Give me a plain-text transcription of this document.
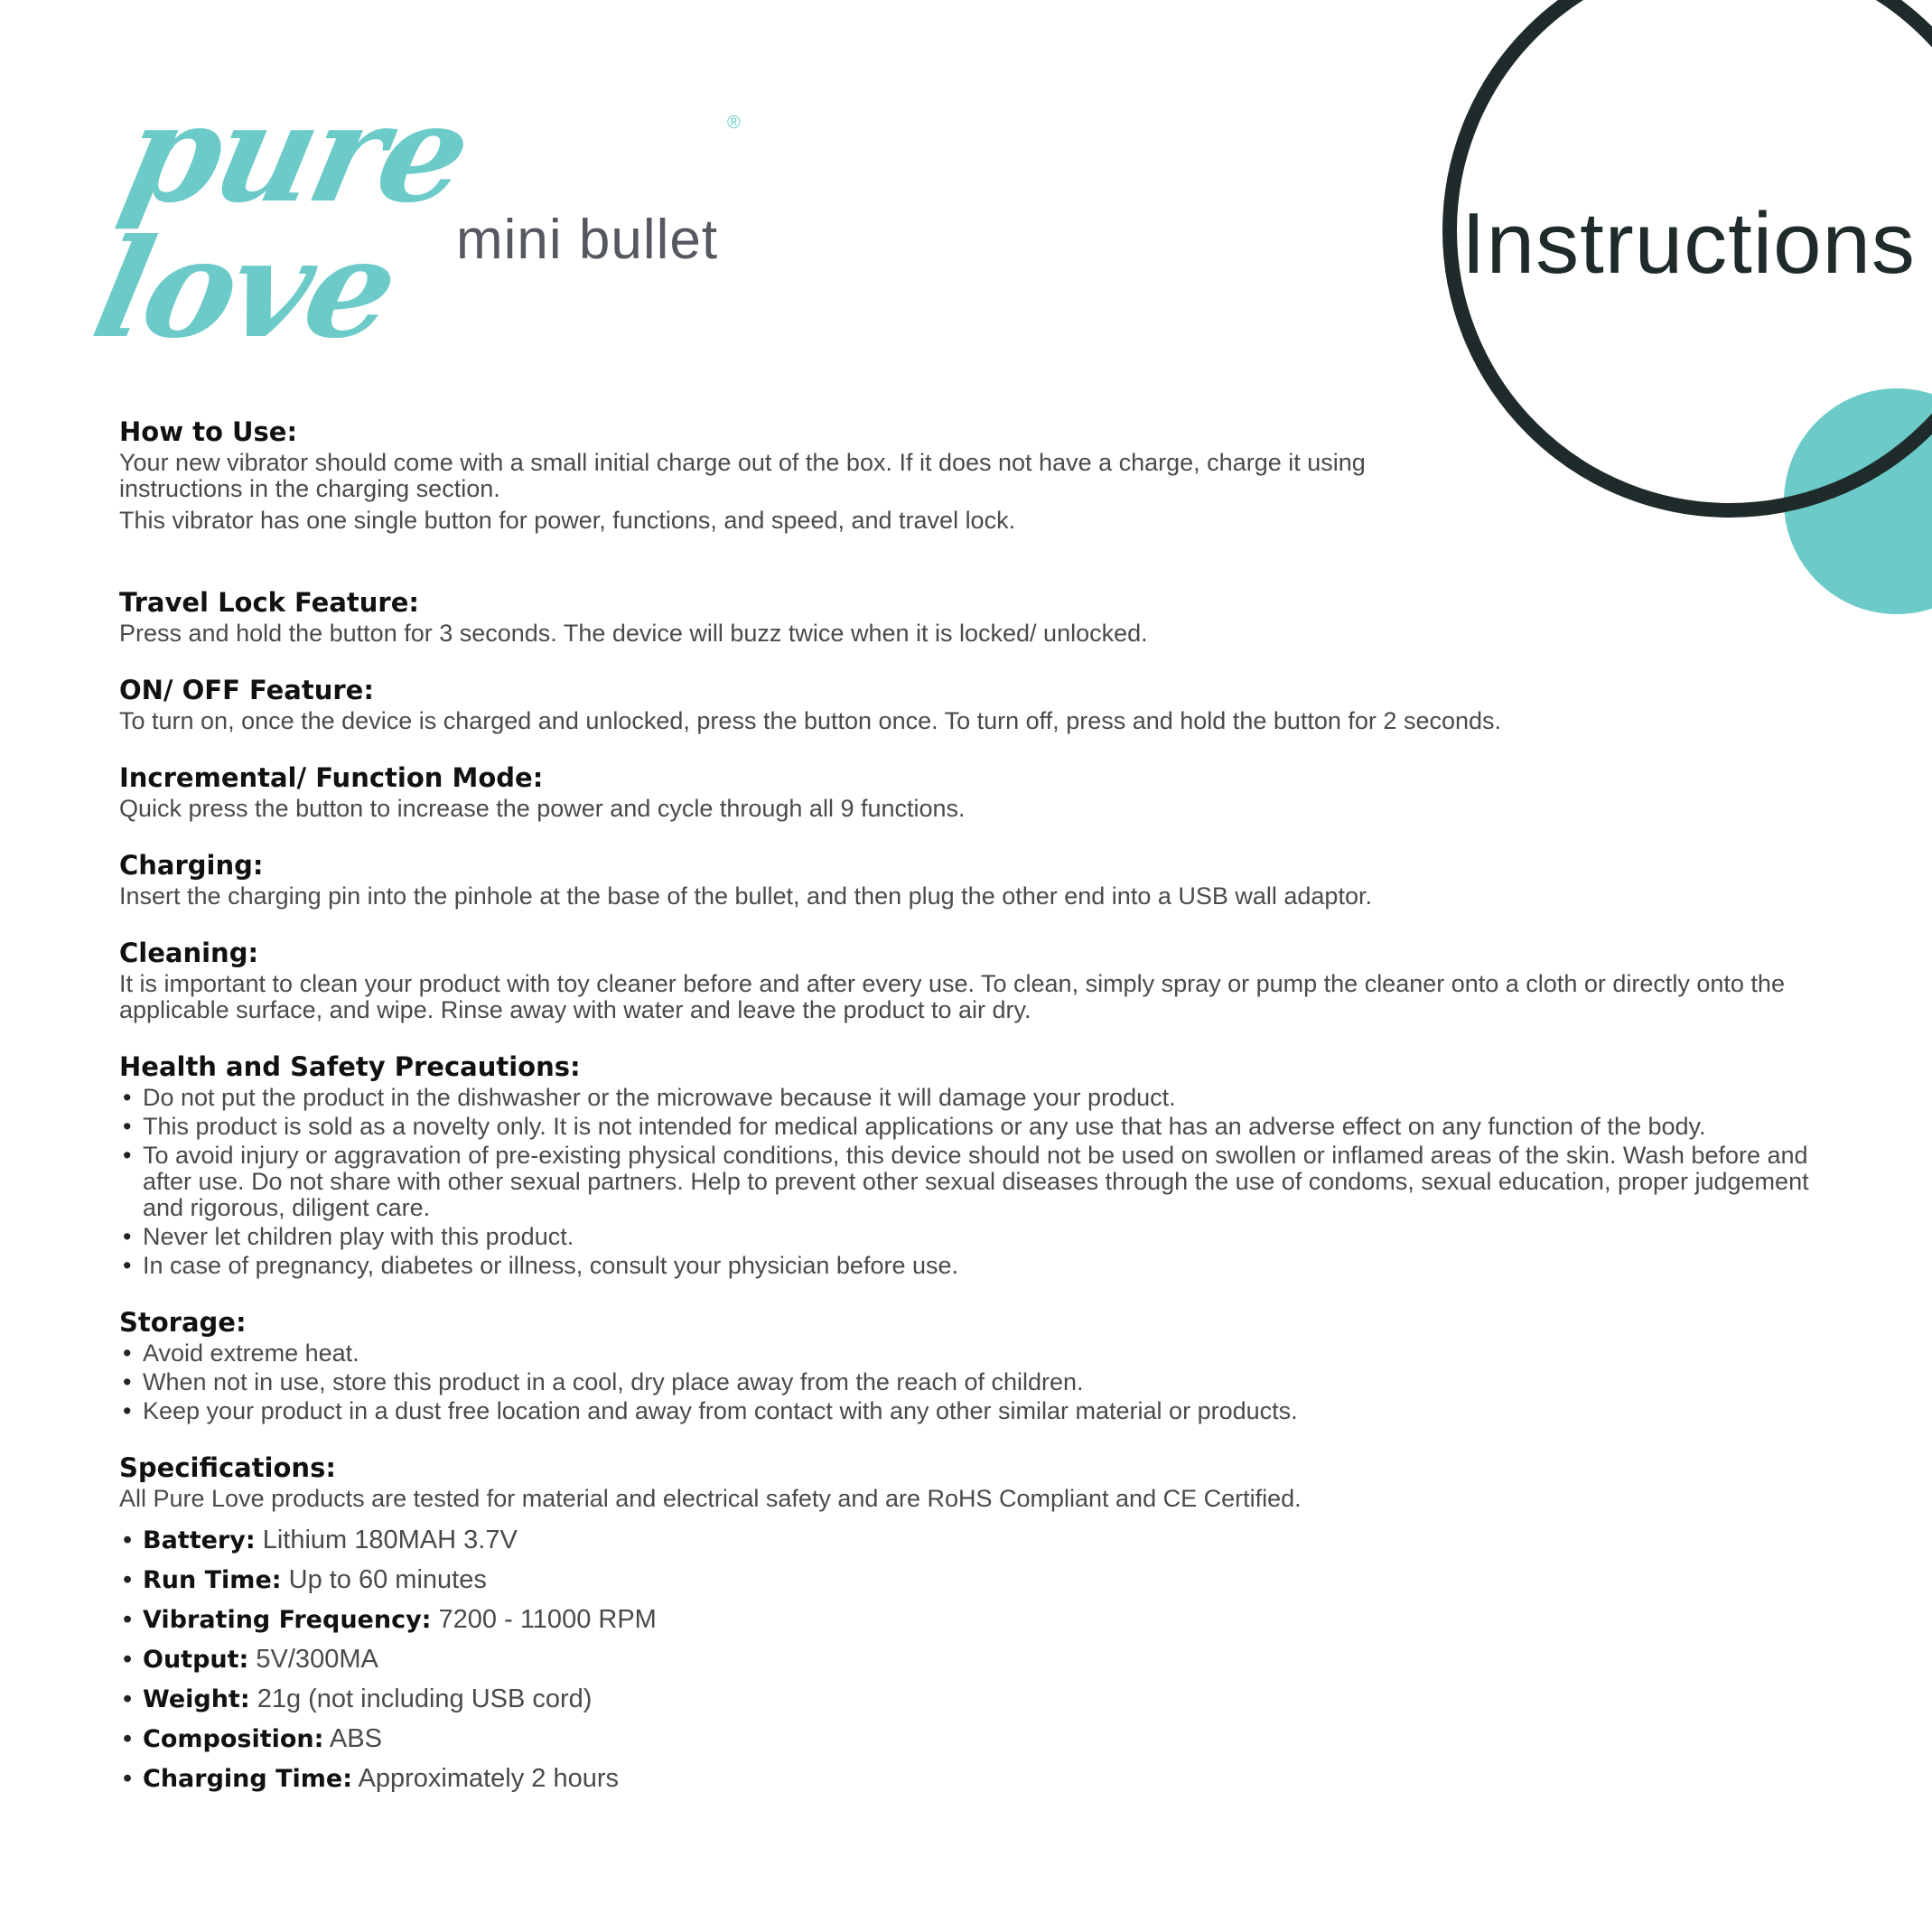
pure love
®
mini bullet	Instructions
How to Use:

Your new vibrator should come with a small initial charge out of the box. If it does not have a charge, charge it using instructions in the charging section.

This vibrator has one single button for power, functions, and speed, and travel lock.

Travel Lock Feature:

Press and hold the button for 3 seconds. The device will buzz twice when it is locked/ unlocked.

ON/ OFF Feature:

To turn on, once the device is charged and unlocked, press the button once. To turn off, press and hold the button for 2 seconds.

Incremental/ Function Mode:

Quick press the button to increase the power and cycle through all 9 functions.

Charging:

Insert the charging pin into the pinhole at the base of the bullet, and then plug the other end into a USB wall adaptor.

Cleaning:

It is important to clean your product with toy cleaner before and after every use. To clean, simply spray or pump the cleaner onto a cloth or directly onto the applicable surface, and wipe. Rinse away with water and leave the product to air dry.

Health and Safety Precautions:
• Do not put the product in the dishwasher or the microwave because it will damage your product.
• This product is sold as a novelty only. It is not intended for medical applications or any use that has an adverse effect on any function of the body.
• To avoid injury or aggravation of pre-existing physical conditions, this device should not be used on swollen or inflamed areas of the skin. Wash before and after use. Do not share with other sexual partners. Help to prevent other sexual diseases through the use of condoms, sexual education, proper judgement and rigorous, diligent care.
• Never let children play with this product.
• In case of pregnancy, diabetes or illness, consult your physician before use.
Storage:
• Avoid extreme heat.
• When not in use, store this product in a cool, dry place away from the reach of children.
• Keep your product in a dust free location and away from contact with any other similar material or products.
Specifications:

All Pure Love products are tested for material and electrical safety and are RoHS Compliant and CE Certified.

• Battery: Lithium 180MAH 3.7V
• Run Time: Up to 60 minutes
• Vibrating Frequency: 7200 - 11000 RPM
• Output: 5V/300MA
• Weight: 21g (not including USB cord)
• Composition: ABS
• Charging Time: Approximately 2 hours
